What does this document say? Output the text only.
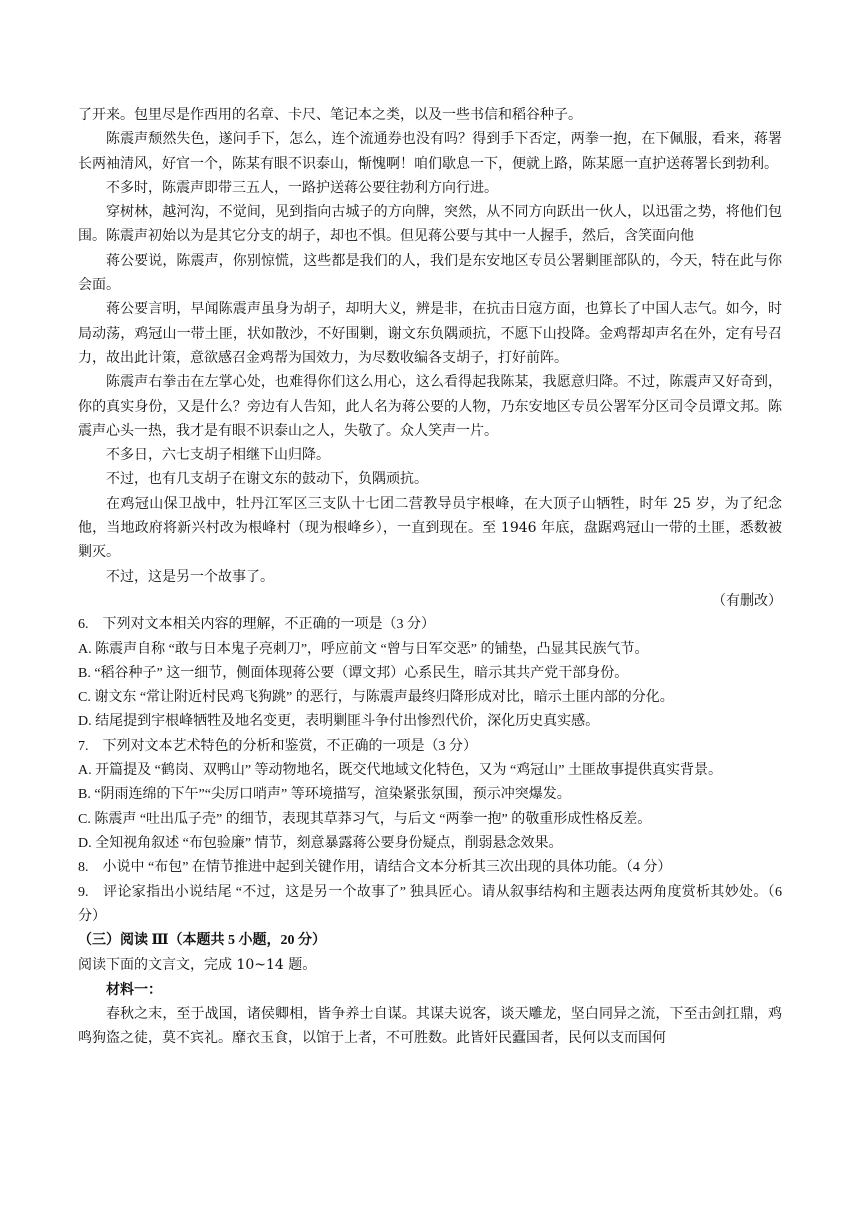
了开来。包里尽是作西用的名章、卡尺、笔记本之类，以及一些书信和稻谷种子。

陈震声颓然失色，遂问手下，怎么，连个流通券也没有吗？得到手下否定，两拳一抱，在下佩服，看来，蒋署长两袖清风，好官一个，陈某有眼不识泰山，惭愧啊！咱们歇息一下，便就上路，陈某愿一直护送蒋署长到勃利。

不多时，陈震声即带三五人，一路护送蒋公要往勃利方向行进。

穿树林，越河沟，不觉间，见到指向古城子的方向牌，突然，从不同方向跃出一伙人，以迅雷之势，将他们包围。陈震声初始以为是其它分支的胡子，却也不惧。但见蒋公要与其中一人握手，然后，含笑面向他

蒋公要说，陈震声，你别惊慌，这些都是我们的人，我们是东安地区专员公署剿匪部队的，今天，特在此与你会面。

蒋公要言明，早闻陈震声虽身为胡子，却明大义，辨是非，在抗击日寇方面，也算长了中国人志气。如今，时局动荡，鸡冠山一带土匪，状如散沙，不好围剿，谢文东负隅顽抗，不愿下山投降。金鸡帮却声名在外，定有号召力，故出此计策，意欲感召金鸡帮为国效力，为尽数收编各支胡子，打好前阵。

陈震声右拳击在左掌心处，也难得你们这么用心，这么看得起我陈某，我愿意归降。不过，陈震声又好奇到，你的真实身份，又是什么？旁边有人告知，此人名为蒋公要的人物，乃东安地区专员公署军分区司令员谭文邦。陈震声心头一热，我才是有眼不识泰山之人，失敬了。众人笑声一片。

不多日，六七支胡子相继下山归降。

不过，也有几支胡子在谢文东的鼓动下，负隅顽抗。

在鸡冠山保卫战中，牡丹江军区三支队十七团二营教导员宇根峰，在大顶子山牺牲，时年 25 岁，为了纪念他，当地政府将新兴村改为根峰村（现为根峰乡），一直到现在。至 1946 年底，盘踞鸡冠山一带的土匪，悉数被剿灭。

不过，这是另一个故事了。

（有删改）

6.　下列对文本相关内容的理解，不正确的一项是（3 分）

A. 陈震声自称 “敢与日本鬼子亮刺刀”，呼应前文 “曾与日军交恶” 的铺垫，凸显其民族气节。

B. “稻谷种子” 这一细节，侧面体现蒋公要（谭文邦）心系民生，暗示其共产党干部身份。

C. 谢文东 “常让附近村民鸡飞狗跳” 的恶行，与陈震声最终归降形成对比，暗示土匪内部的分化。

D. 结尾提到宇根峰牺牲及地名变更，表明剿匪斗争付出惨烈代价，深化历史真实感。

7.　下列对文本艺术特色的分析和鉴赏，不正确的一项是（3 分）

A. 开篇提及 “鹤岗、双鸭山” 等动物地名，既交代地域文化特色，又为 “鸡冠山” 土匪故事提供真实背景。

B. “阴雨连绵的下午”“尖厉口哨声” 等环境描写，渲染紧张氛围，预示冲突爆发。

C. 陈震声 “吐出瓜子壳” 的细节，表现其草莽习气，与后文 “两拳一抱” 的敬重形成性格反差。

D. 全知视角叙述 “布包验廉” 情节，刻意暴露蒋公要身份疑点，削弱悬念效果。

8.　小说中 “布包” 在情节推进中起到关键作用，请结合文本分析其三次出现的具体功能。（4 分）

9.　评论家指出小说结尾 “不过，这是另一个故事了” 独具匠心。请从叙事结构和主题表达两角度赏析其妙处。（6 分）

（三）阅读 Ⅲ（本题共 5 小题，20 分）

阅读下面的文言文，完成 10~14 题。

材料一：

春秋之末，至于战国，诸侯卿相，皆争养士自谋。其谋夫说客，谈天雕龙，坚白同异之流，下至击剑扛鼎，鸡鸣狗盗之徒，莫不宾礼。靡衣玉食，以馆于上者，不可胜数。此皆奸民蠹国者，民何以支而国何
